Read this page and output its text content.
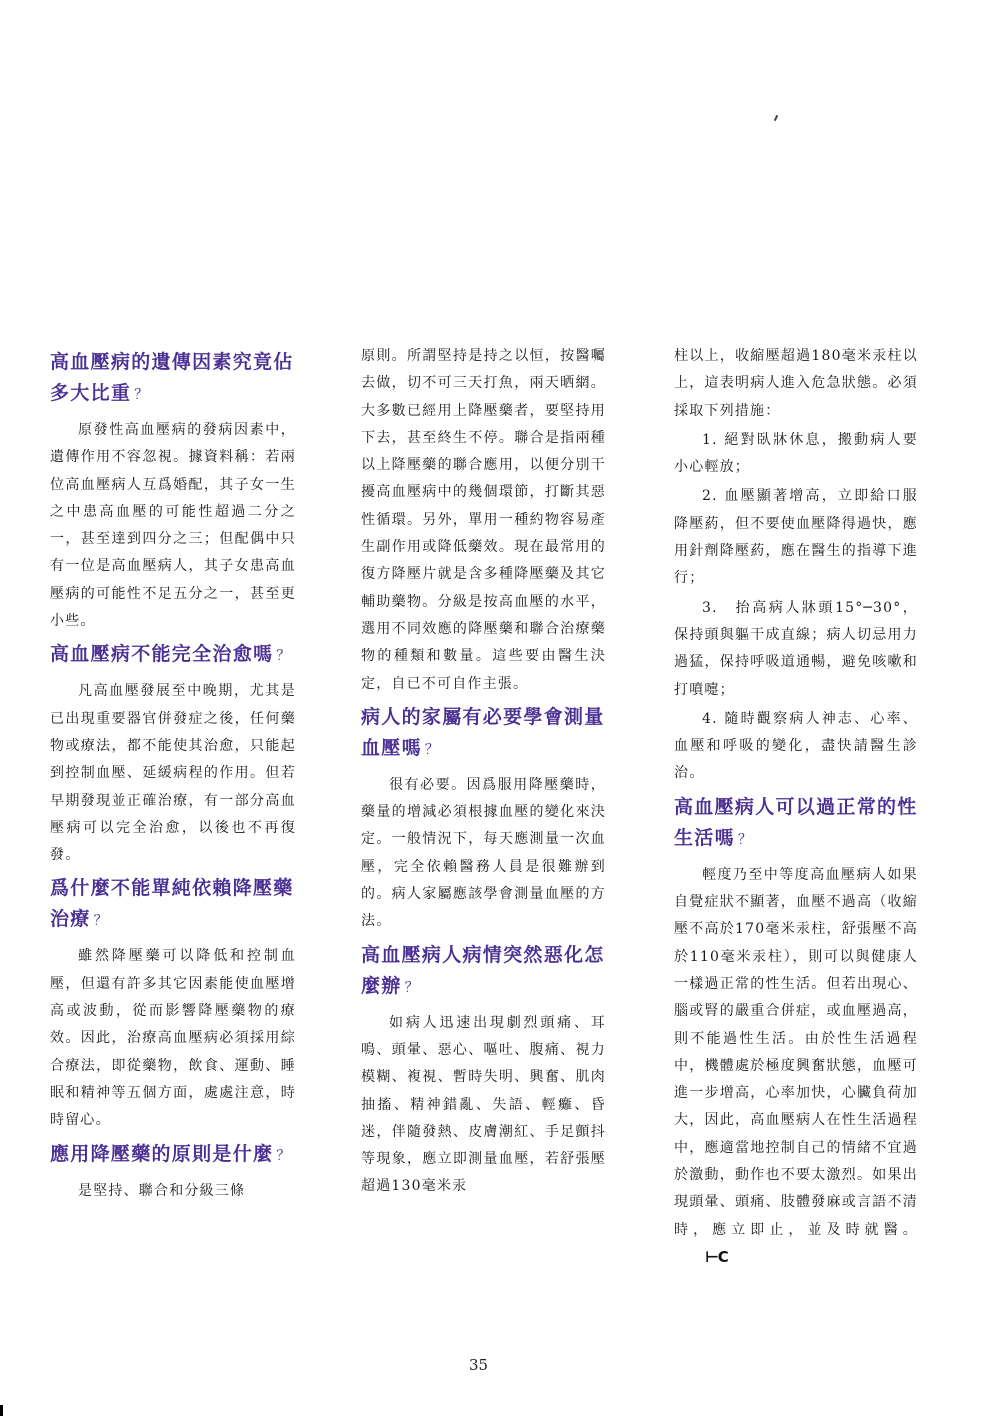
高血壓病的遺傳因素究竟佔多大比重 ？

原發性高血壓病的發病因素中，遺傳作用不容忽視。據資料稱：若兩位高血壓病人互爲婚配，其子女一生之中患高血壓的可能性超過二分之一，甚至達到四分之三；但配偶中只有一位是高血壓病人，其子女患高血壓病的可能性不足五分之一，甚至更小些。

高血壓病不能完全治愈嗎 ？

凡高血壓發展至中晚期，尤其是已出現重要器官併發症之後，任何藥物或療法，都不能使其治愈，只能起到控制血壓、延緩病程的作用。但若早期發現並正確治療，有一部分高血壓病可以完全治愈，以後也不再復發。

爲什麼不能單純依賴降壓藥治療 ？

雖然降壓藥可以降低和控制血壓，但還有許多其它因素能使血壓增高或波動，從而影響降壓藥物的療效。因此，治療高血壓病必須採用綜合療法，即從藥物，飲食、運動、睡眠和精神等五個方面，處處注意，時時留心。

應用降壓藥的原則是什麼 ？

是堅持、聯合和分級三條

原則。所謂堅持是持之以恒，按醫囑去做，切不可三天打魚，兩天晒網。大多數已經用上降壓藥者，要堅持用下去，甚至終生不停。聯合是指兩種以上降壓藥的聯合應用，以便分別干擾高血壓病中的幾個環節，打斷其惡性循環。另外，單用一種約物容易產生副作用或降低藥效。現在最常用的復方降壓片就是含多種降壓藥及其它輔助藥物。分級是按高血壓的水平，選用不同效應的降壓藥和聯合治療藥物的種類和數量。這些要由醫生決定，自已不可自作主張。

病人的家屬有必要學會測量血壓嗎 ？

很有必要。因爲服用降壓藥時，藥量的增減必須根據血壓的變化來決定。一般情況下，每天應測量一次血壓，完全依賴醫務人員是很難辦到的。病人家屬應該學會測量血壓的方法。

高血壓病人病情突然惡化怎麼辦 ？

如病人迅速出現劇烈頭痛、耳鳴、頭暈、惡心、嘔吐、腹痛、視力模糊、複視、暫時失明、興奮、肌肉抽搐、精神錯亂、失語、輕癱、昏迷，伴隨發熱、皮膚潮紅、手足顫抖等現象，應立即測量血壓，若舒張壓超過130毫米汞

柱以上，收縮壓超過180毫米汞柱以上，這表明病人進入危急狀態。必須採取下列措施：

1. 絕對臥牀休息，搬動病人要小心輕放；

2. 血壓顯著增高，立即給口服降壓葯，但不要使血壓降得過快，應用針劑降壓葯，應在醫生的指導下進行；

3.　抬高病人牀頭15°─30°，保持頭與軀干成直線；病人切忌用力過猛，保持呼吸道通暢，避免咳嗽和打噴嚏；

4. 隨時觀察病人神志、心率、血壓和呼吸的變化，盡快請醫生診治。

高血壓病人可以過正常的性生活嗎 ？

輕度乃至中等度高血壓病人如果自覺症狀不顯著，血壓不過高（收縮壓不高於170毫米汞柱，舒張壓不高於110毫米汞柱），則可以與健康人一樣過正常的性生活。但若出現心、腦或腎的嚴重合併症，或血壓過高，則不能過性生活。由於性生活過程中，機體處於極度興奮狀態，血壓可進一步增高，心率加快，心臟負荷加大，因此，高血壓病人在性生活過程中，應適當地控制自己的情緒不宜過於激動，動作也不要太激烈。如果出現頭暈、頭痛、肢體發麻或言語不清時，應立即止，並及時就醫。⊢C

35
